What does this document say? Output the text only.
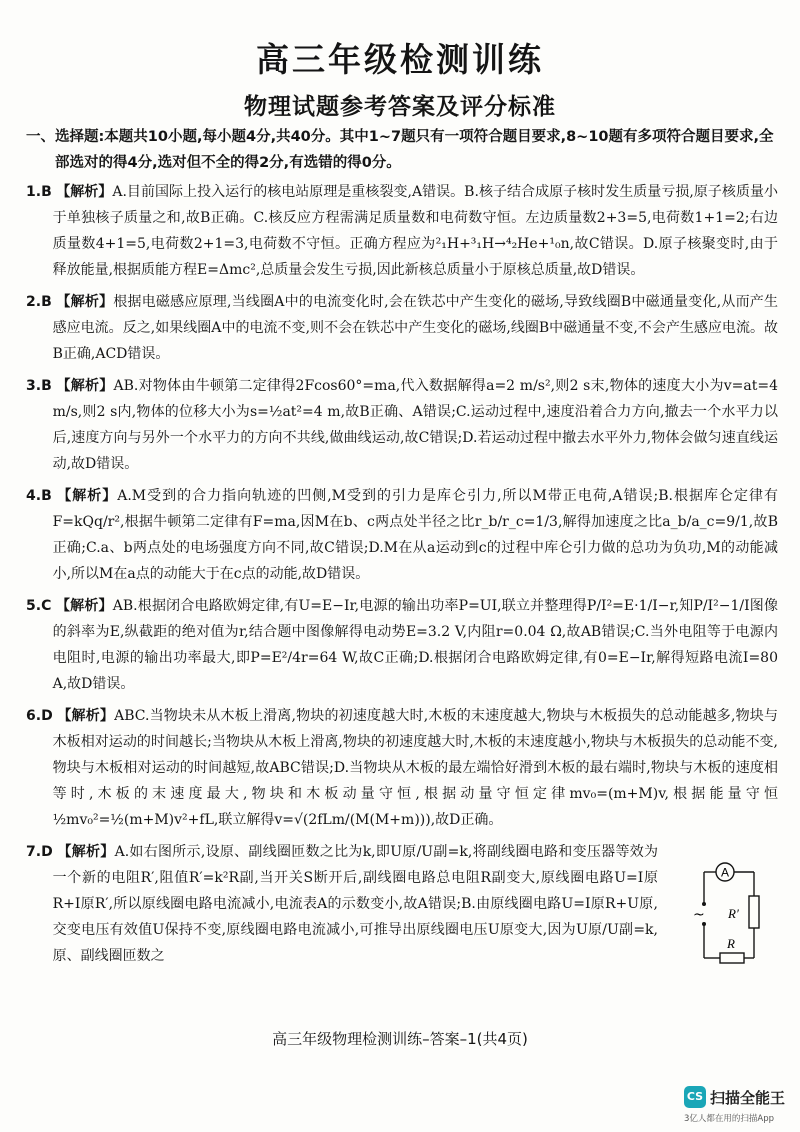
高三年级检测训练
物理试题参考答案及评分标准
一、选择题:本题共10小题,每小题4分,共40分。其中1~7题只有一项符合题目要求,8~10题有多项符合题目要求,全部选对的得4分,选对但不全的得2分,有选错的得0分。
1.B 【解析】A.目前国际上投入运行的核电站原理是重核裂变,A错误。B.核子结合成原子核时发生质量亏损,原子核质量小于单独核子质量之和,故B正确。C.核反应方程需满足质量数和电荷数守恒。左边质量数2+3=5,电荷数1+1=2;右边质量数4+1=5,电荷数2+1=3,电荷数不守恒。正确方程应为²₁H+³₁H→⁴₂He+¹₀n,故C错误。D.原子核聚变时,由于释放能量,根据质能方程E=Δmc²,总质量会发生亏损,因此新核总质量小于原核总质量,故D错误。
2.B 【解析】根据电磁感应原理,当线圈A中的电流变化时,会在铁芯中产生变化的磁场,导致线圈B中磁通量变化,从而产生感应电流。反之,如果线圈A中的电流不变,则不会在铁芯中产生变化的磁场,线圈B中磁通量不变,不会产生感应电流。故B正确,ACD错误。
3.B 【解析】AB.对物体由牛顿第二定律得2Fcos60°=ma,代入数据解得a=2 m/s²,则2 s末,物体的速度大小为v=at=4 m/s,则2 s内,物体的位移大小为s=½at²=4 m,故B正确、A错误;C.运动过程中,速度沿着合力方向,撤去一个水平力以后,速度方向与另外一个水平力的方向不共线,做曲线运动,故C错误;D.若运动过程中撤去水平外力,物体会做匀速直线运动,故D错误。
4.B 【解析】A.M受到的合力指向轨迹的凹侧,M受到的引力是库仑引力,所以M带正电荷,A错误;B.根据库仑定律有F=kQq/r²,根据牛顿第二定律有F=ma,因M在b、c两点处半径之比r_b/r_c=1/3,解得加速度之比a_b/a_c=9/1,故B正确;C.a、b两点处的电场强度方向不同,故C错误;D.M在从a运动到c的过程中库仑引力做的总功为负功,M的动能减小,所以M在a点的动能大于在c点的动能,故D错误。
5.C 【解析】AB.根据闭合电路欧姆定律,有U=E−Ir,电源的输出功率P=UI,联立并整理得P/I²=E·1/I−r,知P/I²−1/I图像的斜率为E,纵截距的绝对值为r,结合题中图像解得电动势E=3.2 V,内阻r=0.04 Ω,故AB错误;C.当外电阻等于电源内电阻时,电源的输出功率最大,即P=E²/4r=64 W,故C正确;D.根据闭合电路欧姆定律,有0=E−Ir,解得短路电流I=80 A,故D错误。
6.D 【解析】ABC.当物块未从木板上滑离,物块的初速度越大时,木板的末速度越大,物块与木板损失的总动能越多,物块与木板相对运动的时间越长;当物块从木板上滑离,物块的初速度越大时,木板的末速度越小,物块与木板损失的总动能不变,物块与木板相对运动的时间越短,故ABC错误;D.当物块从木板的最左端恰好滑到木板的最右端时,物块与木板的速度相等时,木板的末速度最大,物块和木板动量守恒,根据动量守恒定律mv₀=(m+M)v,根据能量守恒½mv₀²=½(m+M)v²+fL,联立解得v=√(2fLm/(M(M+m))),故D正确。
7.D 【解析】A.如右图所示,设原、副线圈匝数之比为k,即U原/U副=k,将副线圈电路和变压器等效为一个新的电阻R′,阻值R′=k²R副,当开关S断开后,副线圈电路总电阻R副变大,原线圈电路U=I原R+I原R′,所以原线圈电路电流减小,电流表A的示数变小,故A错误;B.由原线圈电路U=I原R+U原,交变电压有效值U保持不变,原线圈电路电流减小,可推导出原线圈电压U原变大,因为U原/U副=k,原、副线圈匝数之
A
R′
R
~
高三年级物理检测训练–答案–1(共4页)
CS 扫描全能王
3亿人都在用的扫描App
